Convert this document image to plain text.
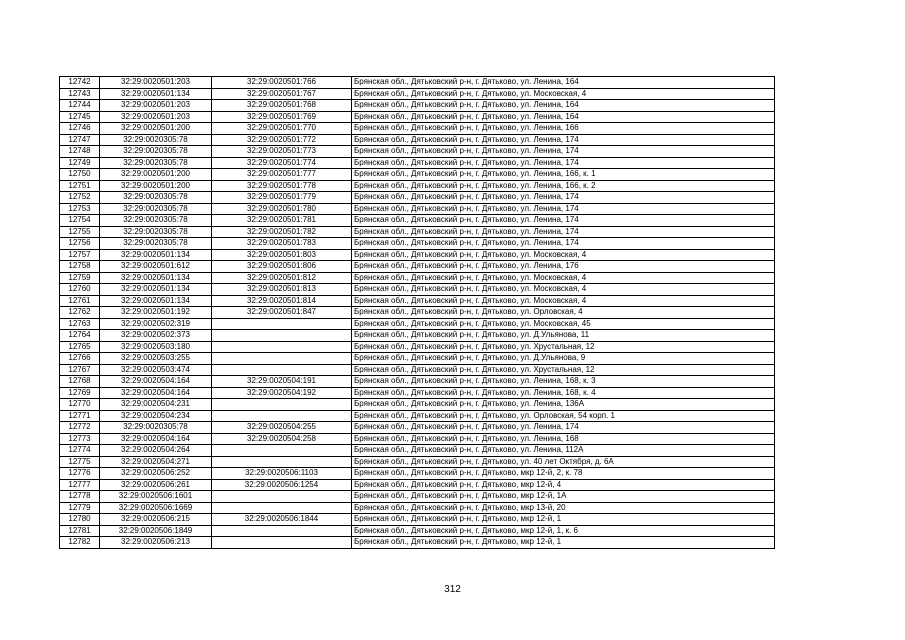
12742	32:29:0020501:203	32:29:0020501:766	Брянская обл., Дятьковский р-н, г. Дятьково, ул. Ленина, 164
12743	32:29:0020501:134	32:29:0020501:767	Брянская обл., Дятьковский р-н, г. Дятьково, ул. Московская, 4
12744	32:29:0020501:203	32:29:0020501:768	Брянская обл., Дятьковский р-н, г. Дятьково, ул. Ленина, 164
12745	32:29:0020501:203	32:29:0020501:769	Брянская обл., Дятьковский р-н, г. Дятьково, ул. Ленина, 164
12746	32:29:0020501:200	32:29:0020501:770	Брянская обл., Дятьковский р-н, г. Дятьково, ул. Ленина, 166
12747	32:29:0020305:78	32:29:0020501:772	Брянская обл., Дятьковский р-н, г. Дятьково, ул. Ленина, 174
12748	32:29:0020305:78	32:29:0020501:773	Брянская обл., Дятьковский р-н, г. Дятьково, ул. Ленина, 174
12749	32:29:0020305:78	32:29:0020501:774	Брянская обл., Дятьковский р-н, г. Дятьково, ул. Ленина, 174
12750	32:29:0020501:200	32:29:0020501:777	Брянская обл., Дятьковский р-н, г. Дятьково, ул. Ленина, 166, к. 1
12751	32:29:0020501:200	32:29:0020501:778	Брянская обл., Дятьковский р-н, г. Дятьково, ул. Ленина, 166, к. 2
12752	32:29:0020305:78	32:29:0020501:779	Брянская обл., Дятьковский р-н, г. Дятьково, ул. Ленина, 174
12753	32:29:0020305:78	32:29:0020501:780	Брянская обл., Дятьковский р-н, г. Дятьково, ул. Ленина, 174
12754	32:29:0020305:78	32:29:0020501:781	Брянская обл., Дятьковский р-н, г. Дятьково, ул. Ленина, 174
12755	32:29:0020305:78	32:29:0020501:782	Брянская обл., Дятьковский р-н, г. Дятьково, ул. Ленина, 174
12756	32:29:0020305:78	32:29:0020501:783	Брянская обл., Дятьковский р-н, г. Дятьково, ул. Ленина, 174
12757	32:29:0020501:134	32:29:0020501:803	Брянская обл., Дятьковский р-н, г. Дятьково, ул. Московская, 4
12758	32:29:0020501:612	32:29:0020501:806	Брянская обл., Дятьковский р-н, г. Дятьково, ул. Ленина, 176
12759	32:29:0020501:134	32:29:0020501:812	Брянская обл., Дятьковский р-н, г. Дятьково, ул. Московская, 4
12760	32:29:0020501:134	32:29:0020501:813	Брянская обл., Дятьковский р-н, г. Дятьково, ул. Московская, 4
12761	32:29:0020501:134	32:29:0020501:814	Брянская обл., Дятьковский р-н, г. Дятьково, ул. Московская, 4
12762	32:29:0020501:192	32:29:0020501:847	Брянская обл., Дятьковский р-н, г. Дятьково, ул. Орловская, 4
12763	32:29:0020502:319		Брянская обл., Дятьковский р-н, г. Дятьково, ул. Московская, 45
12764	32:29:0020502:373		Брянская обл., Дятьковский р-н, г. Дятьково, ул. Д.Ульянова, 11
12765	32:29:0020503:180		Брянская обл., Дятьковский р-н, г. Дятьково, ул. Хрустальная, 12
12766	32:29:0020503:255		Брянская обл., Дятьковский р-н, г. Дятьково, ул. Д.Ульянова, 9
12767	32:29:0020503:474		Брянская обл., Дятьковский р-н, г. Дятьково, ул. Хрустальная, 12
12768	32:29:0020504:164	32:29:0020504:191	Брянская обл., Дятьковский р-н, г. Дятьково, ул. Ленина, 168, к. 3
12769	32:29:0020504:164	32:29:0020504:192	Брянская обл., Дятьковский р-н, г. Дятьково, ул. Ленина, 168, к. 4
12770	32:29:0020504:231		Брянская обл., Дятьковский р-н, г. Дятьково, ул. Ленина, 136А
12771	32:29:0020504:234		Брянская обл., Дятьковский р-н, г. Дятьково, ул. Орловская, 54 корп. 1
12772	32:29:0020305:78	32:29:0020504:255	Брянская обл., Дятьковский р-н, г. Дятьково, ул. Ленина, 174
12773	32:29:0020504:164	32:29:0020504:258	Брянская обл., Дятьковский р-н, г. Дятьково, ул. Ленина, 168
12774	32:29:0020504:264		Брянская обл., Дятьковский р-н, г. Дятьково, ул. Ленина, 112А
12775	32:29:0020504:271		Брянская обл., Дятьковский р-н, г. Дятьково, ул. 40 лет Октября, д. 6А
12776	32:29:0020506:252	32:29:0020506:1103	Брянская обл., Дятьковский р-н, г. Дятьково, мкр 12-й, 2, к. 78
12777	32:29:0020506:261	32:29:0020506:1254	Брянская обл., Дятьковский р-н, г. Дятьково, мкр 12-й, 4
12778	32:29:0020506:1601		Брянская обл., Дятьковский р-н, г. Дятьково, мкр 12-й, 1А
12779	32:29:0020506:1669		Брянская обл., Дятьковский р-н, г. Дятьково, мкр 13-й, 20
12780	32:29:0020506:215	32:29:0020506:1844	Брянская обл., Дятьковский р-н, г. Дятьково, мкр 12-й, 1
12781	32:29:0020506:1849		Брянская обл., Дятьковский р-н, г. Дятьково, мкр 12-й, 1, к. 6
12782	32:29:0020506:213		Брянская обл., Дятьковский р-н, г. Дятьково, мкр 12-й, 1
312
